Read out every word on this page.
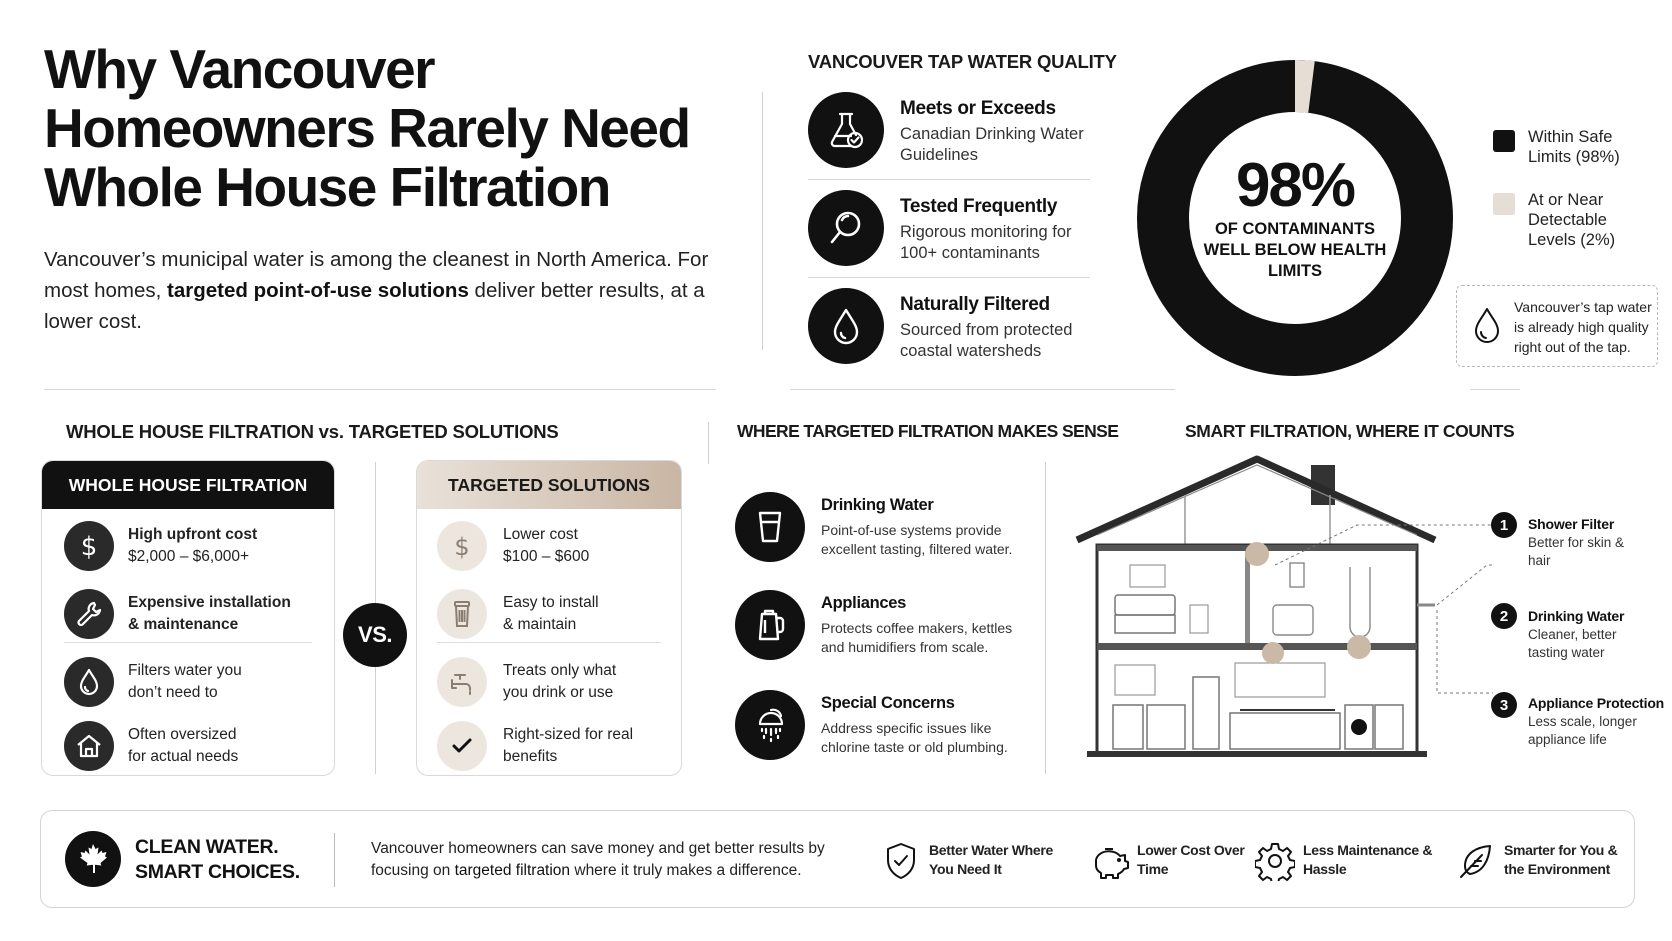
Why Vancouver Homeowners Rarely Need Whole House Filtration
Vancouver’s municipal water is among the cleanest in North America. For most homes, targeted point-of-use solutions deliver better results, at a lower cost.
VANCOUVER TAP WATER QUALITY
Meets or Exceeds
Canadian Drinking Water Guidelines
Tested Frequently
Rigorous monitoring for 100+ contaminants
Naturally Filtered
Sourced from protected coastal watersheds
98%
OF CONTAMINANTS WELL BELOW HEALTH LIMITS
Within Safe Limits (98%)
At or Near Detectable Levels (2%)
Vancouver’s tap water is already high quality right out of the tap.
WHOLE HOUSE FILTRATION vs. TARGETED SOLUTIONS
WHOLE HOUSE FILTRATION
$ High upfront cost
$2,000 – $6,000+
Expensive installation
& maintenance
Filters water you
don’t need to
Often oversized
for actual needs
VS.
TARGETED SOLUTIONS
$ Lower cost
$100 – $600
Easy to install
& maintain
Treats only what
you drink or use
Right-sized for real
benefits
WHERE TARGETED FILTRATION MAKES SENSE
Drinking Water
Point-of-use systems provide excellent tasting, filtered water.
Appliances
Protects coffee makers, kettles and humidifiers from scale.
Special Concerns
Address specific issues like chlorine taste or old plumbing.
SMART FILTRATION, WHERE IT COUNTS
1	Shower Filter
Better for skin & hair
2	Drinking Water
Cleaner, better tasting water
3	Appliance Protection
Less scale, longer appliance life
CLEAN WATER.
SMART CHOICES.
Vancouver homeowners can save money and get better results by focusing on targeted filtration where it truly makes a difference.
Better Water Where You Need It
Lower Cost Over Time
Less Maintenance & Hassle
Smarter for You & the Environment
